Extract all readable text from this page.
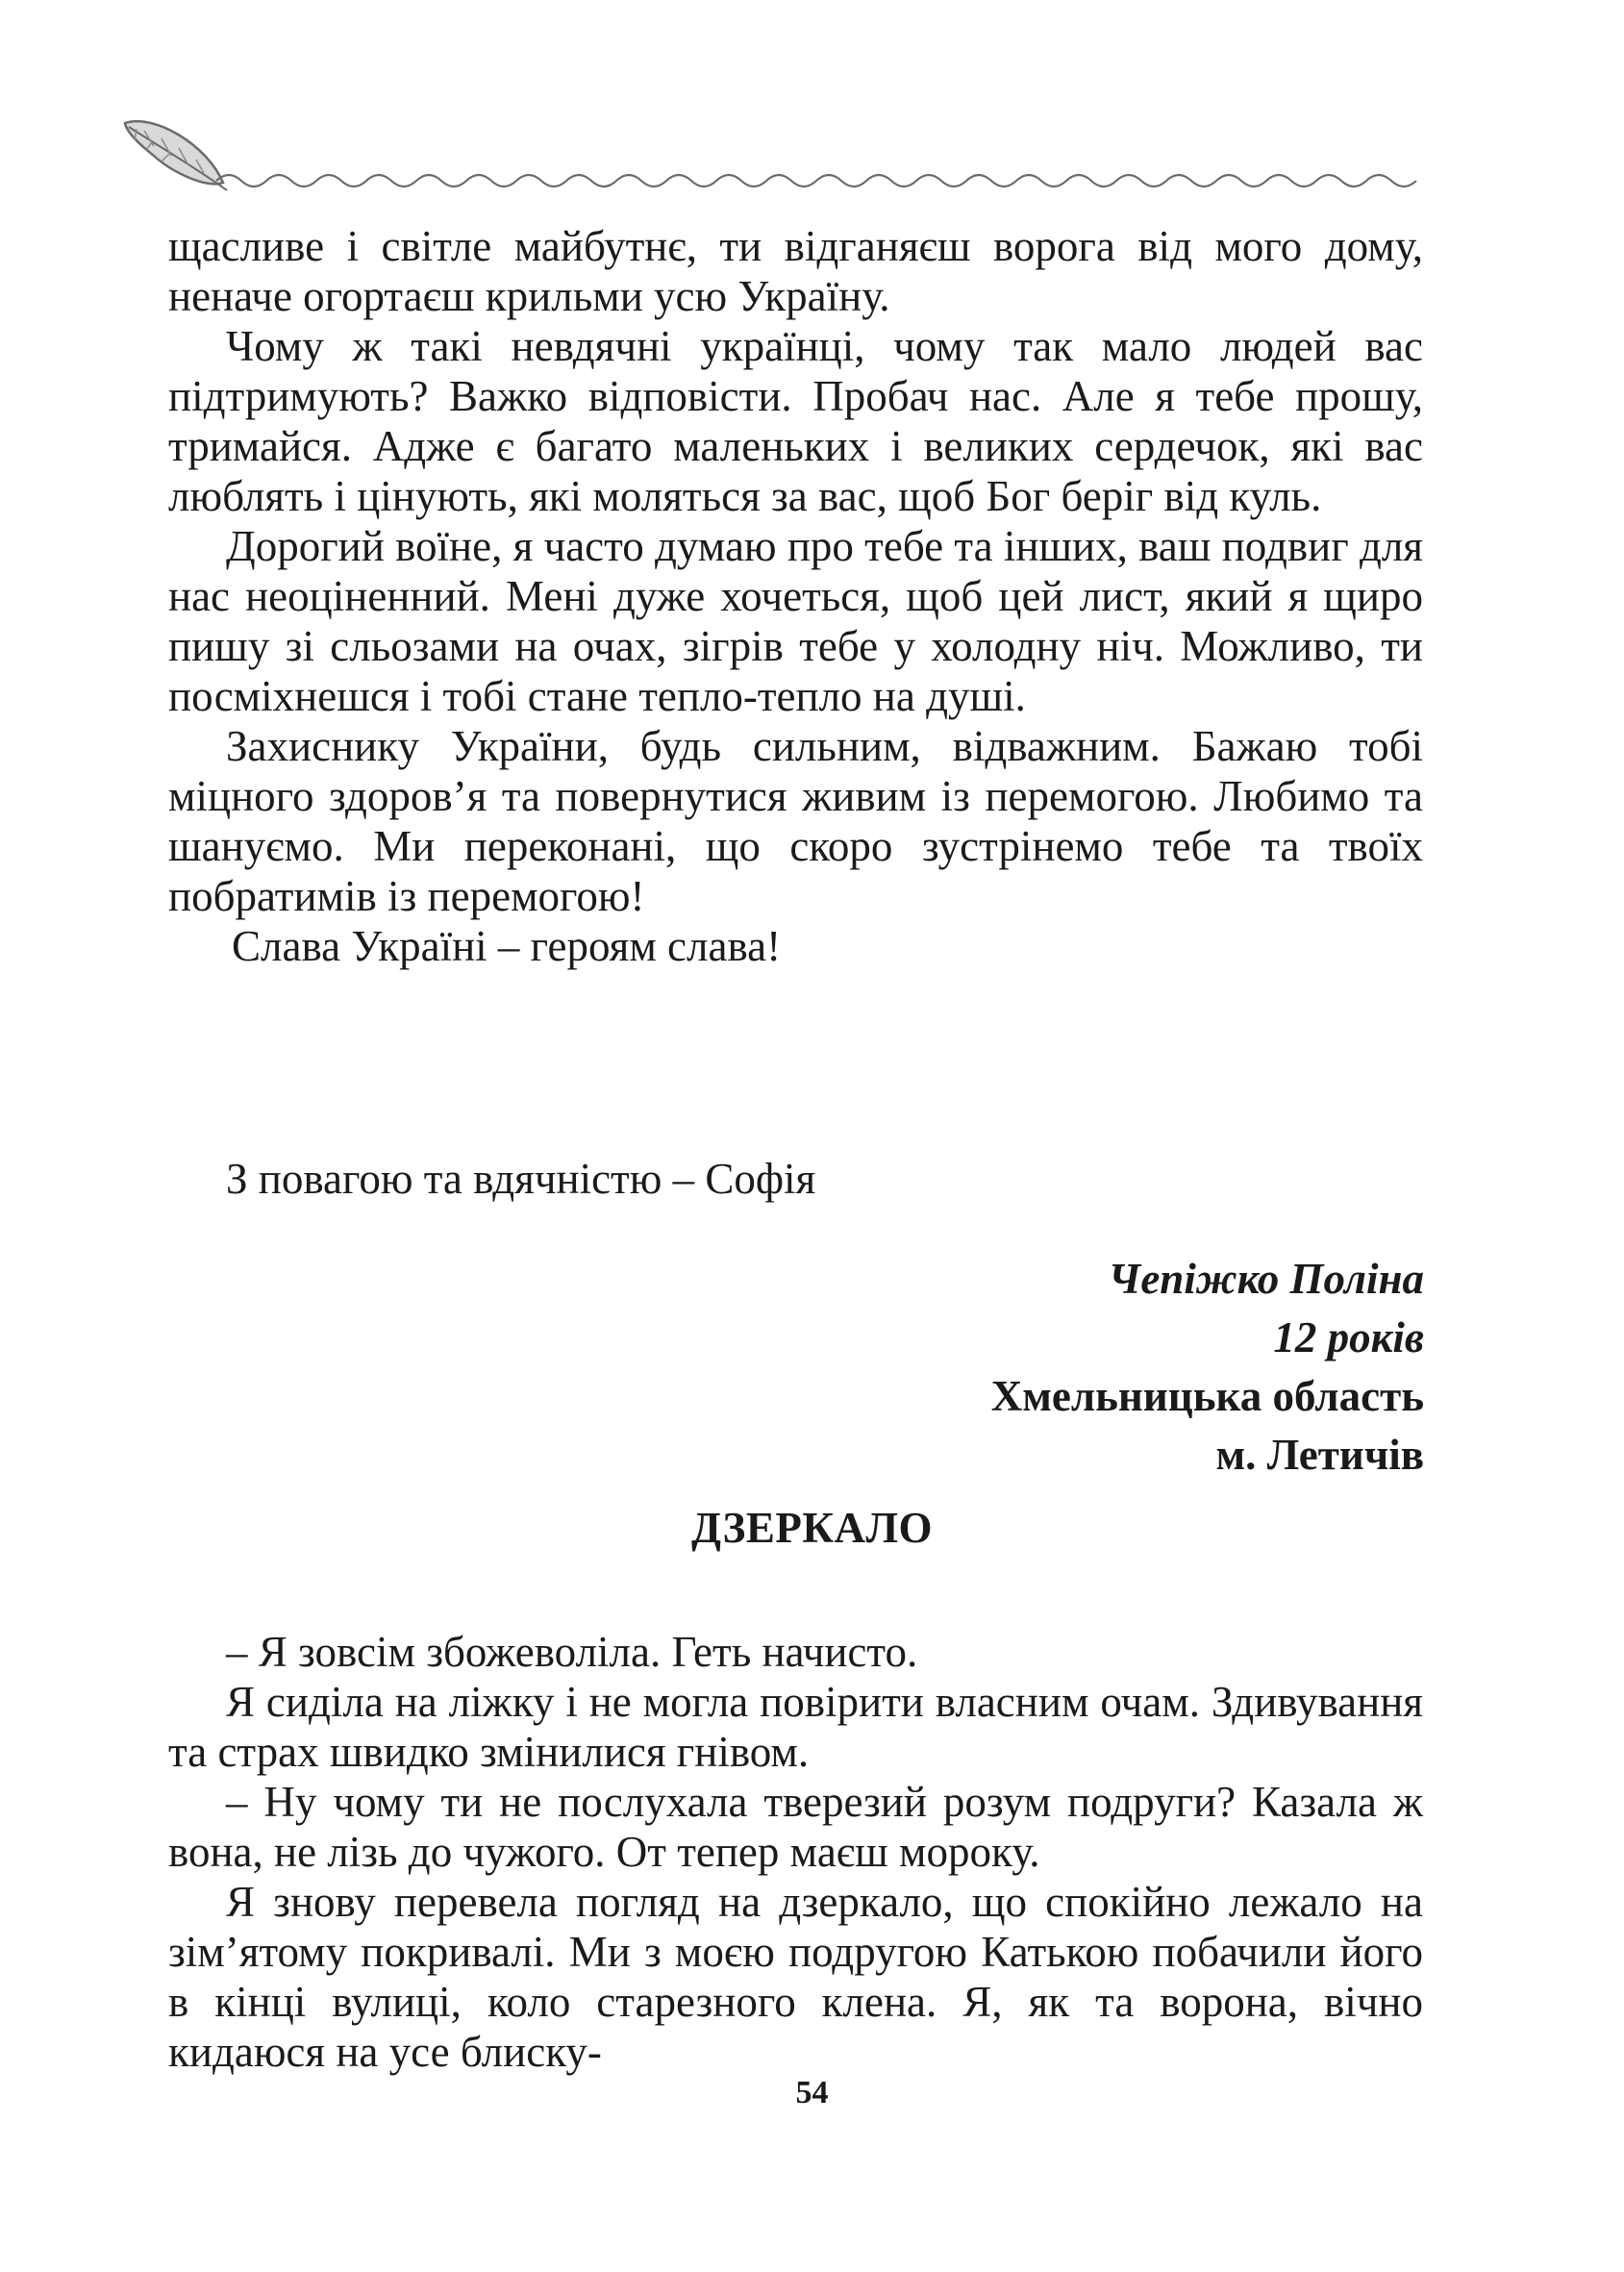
щасливе і світле майбутнє, ти відганяєш ворога від мого дому, неначе огортаєш крильми усю Україну.

Чому ж такі невдячні українці, чому так мало людей вас підтримують? Важко відповісти. Пробач нас. Але я тебе прошу, тримайся. Адже є багато маленьких і великих сердечок, які вас люблять і цінують, які моляться за вас, щоб Бог беріг від куль.

Дорогий воїне, я часто думаю про тебе та інших, ваш подвиг для нас неоціненний. Мені дуже хочеться, щоб цей лист, який я щиро пишу зі сльозами на очах, зігрів тебе у холодну ніч. Можливо, ти посміхнешся і тобі стане тепло-тепло на душі.

Захиснику України, будь сильним, відважним. Бажаю тобі міцного здоров’я та повернутися живим із перемогою. Любимо та шануємо. Ми переконані, що скоро зустрінемо тебе та твоїх побратимів із перемогою!

Слава Україні – героям слава!

З повагою та вдячністю – Софія

Чепіжко Поліна
12 років
Хмельницька область
м. Летичів
ДЗЕРКАЛО

– Я зовсім збожеволіла. Геть начисто.

Я сиділа на ліжку і не могла повірити власним очам. Здивування та страх швидко змінилися гнівом.

– Ну чому ти не послухала тверезий розум подруги? Казала ж вона, не лізь до чужого. От тепер маєш мороку.

Я знову перевела погляд на дзеркало, що спокійно лежало на зім’ятому покривалі. Ми з моєю подругою Катькою побачили його в кінці вулиці, коло старезного клена. Я, як та ворона, вічно кидаюся на усе блиску-

54
